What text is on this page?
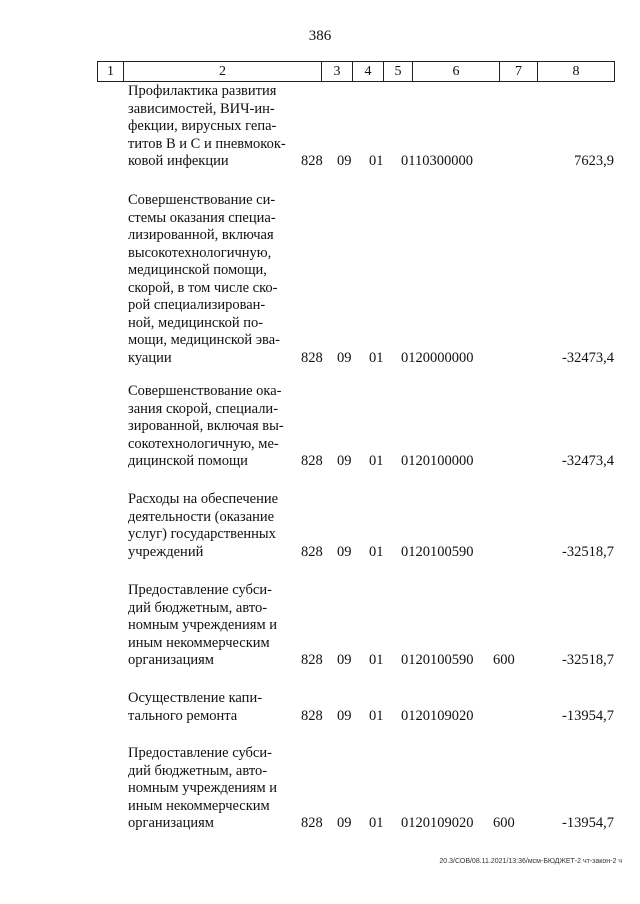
386
1	2	3	4	5	6	7	8
Профилактика развития
зависимостей, ВИЧ-ин-
фекции, вирусных гепа-
титов В и С и пневмокок-
ковой инфекции	828 09 01 0110300000	7623,9
Совершенствование си-
стемы оказания специа-
лизированной, включая
высокотехнологичную,
медицинской помощи,
скорой, в том числе ско-
рой специализирован-
ной, медицинской по-
мощи, медицинской эва-
куации	828 09 01 0120000000	-32473,4
Совершенствование ока-
зания скорой, специали-
зированной, включая вы-
сокотехнологичную, ме-
дицинской помощи	828 09 01 0120100000	-32473,4
Расходы на обеспечение
деятельности (оказание
услуг) государственных
учреждений	828 09 01 0120100590	-32518,7
Предоставление субси-
дий бюджетным, авто-
номным учреждениям и
иным некоммерческим
организациям	828 09 01 0120100590 600	-32518,7
Осуществление капи-
тального ремонта	828 09 01 0120109020	-13954,7
Предоставление субси-
дий бюджетным, авто-
номным учреждениям и
иным некоммерческим
организациям	828 09 01 0120109020 600	-13954,7
20.3/СОВ/08.11.2021/13:36/мсм-БЮДЖЕТ-2 чт-закон-2 ч
